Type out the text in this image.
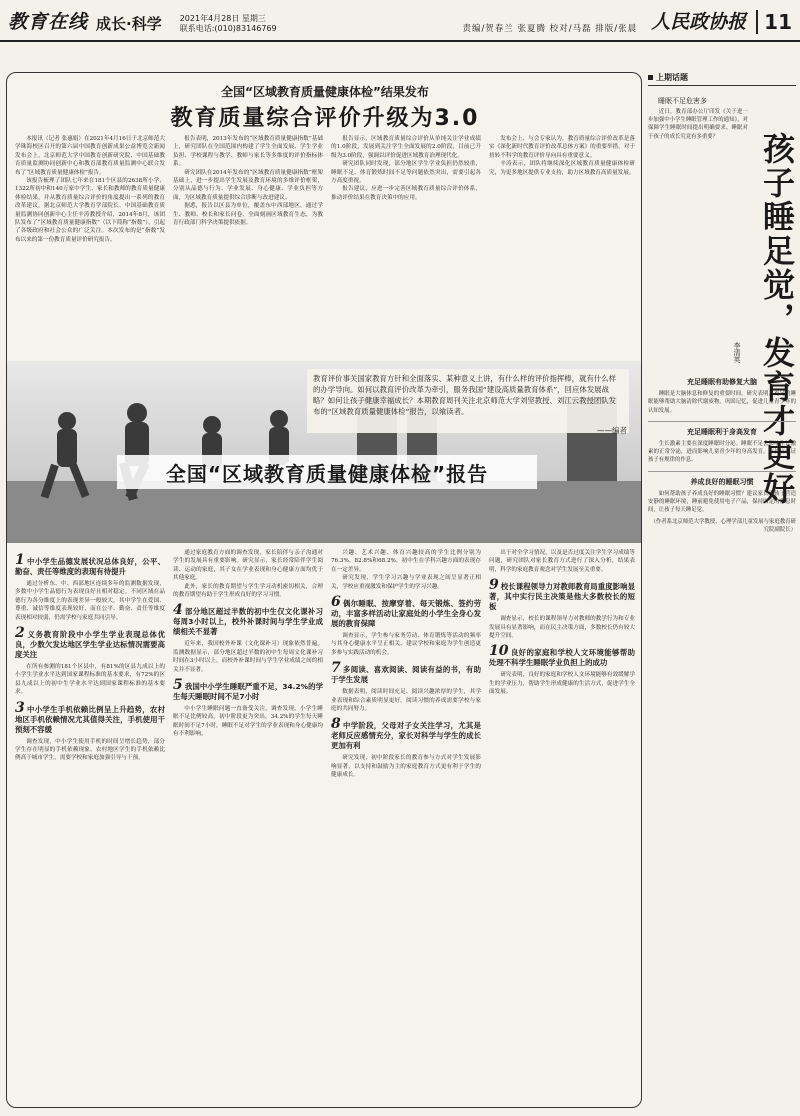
教育在线 成长·科学 2021年4月28日 星期三
联系电话:(010)83146769	责编/贺春兰 张夏腾 校对/马磊 排版/张晨 人民政协报 11
全国“区域教育质量健康体检”结果发布
教育质量综合评价升级为3.0

本报讯（记者 张惠娟）在2021年4月16日于北京师范大学珠海校区召开的第六届中国教育创新成果公益博览会新闻发布会上，北京师范大学中国教育创新研究院、中国基础教育质量监测协同创新中心和教育部教育质量监测中心联合发布了“区域教育质量健康体检”报告。

该报告梳理了团队七年来在181个区县的2638所小学、1322所初中和140万家中学生、家长和教师的教育质量健康体检结果，并从教育质量综合评价的角度提出一系列的教育改革建议。据北京师范大学教育学部院长、中国基础教育质量监测协同创新中心主任辛涛教授介绍，2014年8月，该团队发布了“区域教育质量健康指数”（以下简称“指数”），引起了各级政府和社会公众的广泛关注。本次发布的是“指数”发布以来的第一份教育质量评价研究报告。

报告表明，2013年发布的“区域教育质量健康指数”基础上，研究团队在全国范围内构建了学生全面发展、学生学业负担、学校课程与教学、教师与家长等多维度的评价指标体系。

研究团队在2014年发布的“区域教育质量健康指数”框架基础上，进一步提出学生发展及教育环境的多维评价框架，分别从品德与行为、学业发展、身心健康、学业负担等方面，为区域教育质量提供综合诊断与改进建议。

据悉，报告以区县为单位，覆盖东中西部地区，通过学生、教师、校长和家长问卷，全面刻画区域教育生态，为教育行政部门科学决策提供依据。

报告显示，区域教育质量综合评价从单纯关注学业成绩的1.0阶段，发展到关注学生全面发展的2.0阶段，目前已升级为3.0阶段，强调以评价促进区域教育治理现代化。

研究团队同时发现，部分地区学生学业负担仍然较重，睡眠不足、体育锻炼时间不足等问题依然突出，需要引起各方高度重视。

报告建议，应进一步完善区域教育质量综合评价体系，推动评价结果在教育决策中的应用。

发布会上，与会专家认为，教育质量综合评价改革是落实《深化新时代教育评价改革总体方案》的重要举措，对于扭转不科学的教育评价导向具有重要意义。

辛涛表示，团队将继续深化区域教育质量健康体检研究，为更多地区提供专业支持，助力区域教育高质量发展。

教育评价事关国家教育方针和全面落实、某种意义上讲，有什么样的评价指挥棒，就有什么样的办学导向。如何以教育评价改革为牵引，服务我国“建设高质量教育体系”，回应体发展战略？如何让孩子健康幸福成长？本期教育周刊关注北京师范大学刘坚教授、刘江云教授团队发布的“区域教育质量健康体检”报告，以飨读者。
——编者
全国“区域教育质量健康体检”报告
1 中小学生品德发展状况总体良好，公平、勤奋、责任等维度的表现有待提升

通过分析东、中、西部地区连续多年的监测数据发现，多数中小学生品德行为表现良好且相对稳定。不同区域在品德行为各分维度上的表现差异一般较大，其中学生在爱国、尊重、诚信等维度表现较好，而在公平、勤奋、责任等维度表现相对较弱，仍需学校与家庭共同引导。

2 义务教育阶段中小学生学业表现总体优良，少数欠发达地区学生学业达标情况需要高度关注

在所有参测的181个区县中，有81%的区县九成以上的小学生学业水平达到国家课程标准的基本要求，有72%的区县九成以上的初中生学业水平达到国家课程标准的基本要求。

3 中小学生手机依赖比例呈上升趋势，农村地区手机依赖情况尤其值得关注，手机使用干预刻不容缓

调查发现，中小学生使用手机的时间呈增长趋势，部分学生存在明显的手机依赖现象，农村地区学生的手机依赖比例高于城市学生，需要学校和家庭加强引导与干预。

通过家庭教育方面的调查发现，家长陪伴与亲子沟通对学生的发展具有重要影响。研究显示，家长经常陪伴学生阅读、运动的家庭，其子女在学业表现和身心健康方面均优于其他家庭。

此外，家长的教育期望与学生学习动机密切相关，合理的教育期望有助于学生形成良好的学习习惯。

4 部分地区超过半数的初中生仅文化课补习每周3小时以上，校外补课时间与学生学业成绩相关不显著

近年来，我国校外补课（文化课补习）现象依然普遍。监测数据显示，部分地区超过半数的初中生每周文化课补习时间在3小时以上，而校外补课时间与学生学业成绩之间的相关并不显著。

5 我国中小学生睡眠严重不足，34.2%的学生每天睡眠时间不足7小时

中小学生睡眠问题一直备受关注。调查发现，小学生睡眠不足比例较高，初中阶段更为突出，34.2%的学生每天睡眠时间不足7小时，睡眠不足对学生的学业表现和身心健康均有不利影响。

兴趣、艺术兴趣、体育兴趣较高的学生比例分别为76.3%、82.8%和68.2%。初中生在学科兴趣方面的表现存在一定差异。

研究发现，学生学习兴趣与学业表现之间呈显著正相关，学校应重视激发和保护学生的学习兴趣。

6 偶尔睡眠、按摩穿着、每天锻炼、签约劳动，丰富多样活动让家庭处的小学生全身心发展的教育保障

调查显示，学生参与家务劳动、体育锻炼等活动的频率与其身心健康水平呈正相关，建议学校和家庭为学生创造更多参与实践活动的机会。

7 多阅读、喜欢阅读、阅读有益的书，有助于学生发展

数据表明，阅读时间充足、阅读兴趣浓厚的学生，其学业表现和综合素质明显更好。阅读习惯的养成需要学校与家庭的共同努力。

8 中学阶段，父母对子女关注学习，尤其是老师反应感情充分，家长对科学与学生的成长更加有利

研究发现，初中阶段家长的教育参与方式对学生发展影响显著，以支持和鼓励为主的家庭教育方式更有利于学生的健康成长。

出于对全学习情况，以及是否过度关注学生学习成绩等问题，研究团队对家长教育方式进行了深入分析，结果表明，科学的家庭教育观念对学生发展至关重要。

9 校长课程领导力对教师教育局重度影响显著，其中实行民主决策是他大多数校长的短板

调查显示，校长的课程领导力对教师的教学行为和专业发展具有显著影响，而在民主决策方面，多数校长仍有较大提升空间。

10 良好的家庭和学校人文环境能够帮助处理不科学生睡眠学业负担上的成功

研究表明，良好的家庭和学校人文环境能够有效缓解学生的学业压力，帮助学生形成健康的生活方式，促进学生全面发展。

上期话题
睡眠不足危害多

近日，教育部办公厅印发《关于进一步加强中小学生睡眠管理工作的通知》，对保障学生睡眠时间提出明确要求。睡眠对于孩子的成长究竟有多重要？	孩子睡足觉，发育才更好
李清英
充足睡眠有助修复大脑

睡眠是大脑休息和修复的重要时间。研究表明，充足的睡眠能够帮助大脑清除代谢废物，巩固记忆，促进儿童青少年的认知发展。

充足睡眠利于身高发育

生长激素主要在深度睡眠时分泌。睡眠不足会影响生长激素的正常分泌，进而影响儿童青少年的身高发育。家长应保证孩子有规律的作息。

养成良好的睡眠习惯

如何帮助孩子养成良好的睡眠习惯？建议家长为孩子营造安静的睡眠环境，睡前避免使用电子产品，保持固定的作息时间，让孩子每天睡足觉。

（作者系北京师范大学教授、心理学部儿童发展与家庭教育研究院副院长）
